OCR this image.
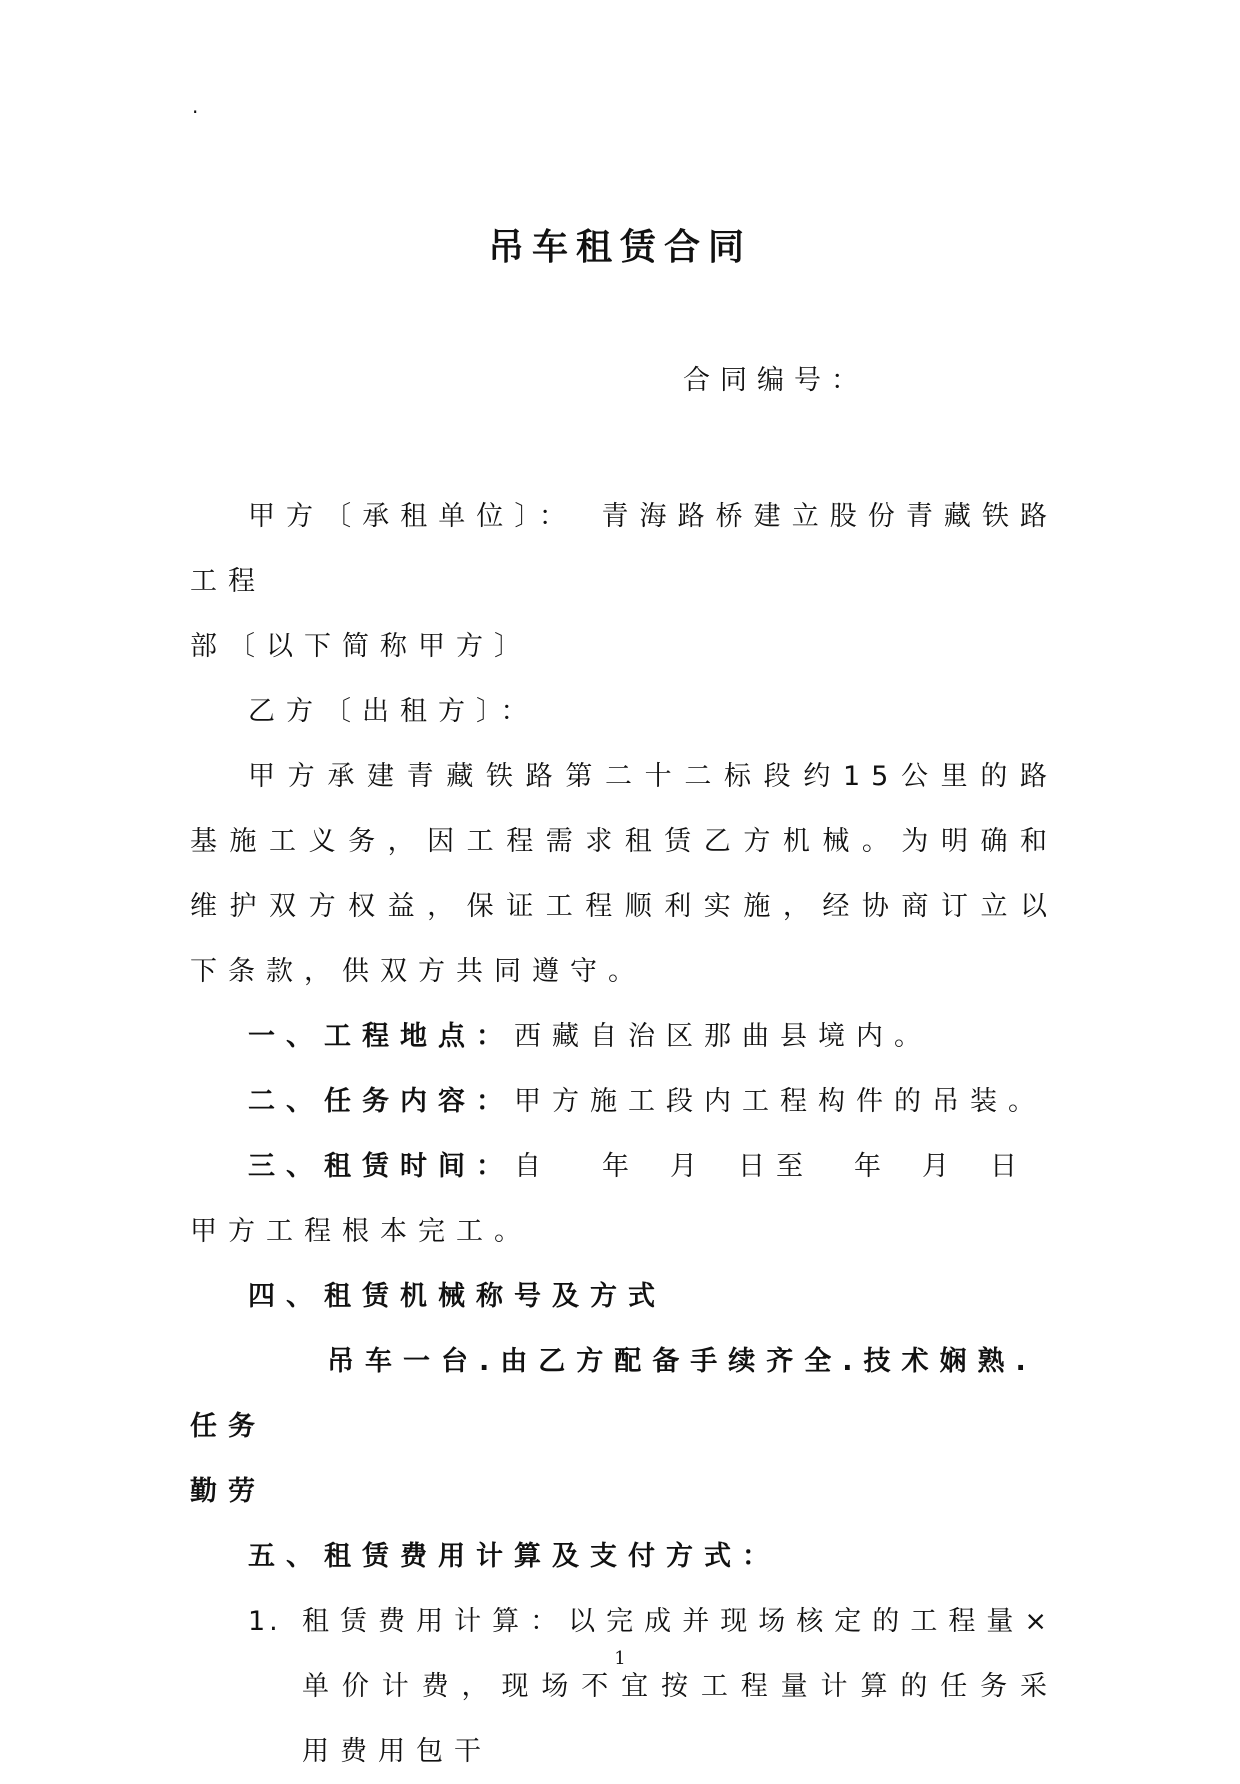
.
吊车租赁合同
合同编号：

甲方〔承租单位〕：　青海路桥建立股份青藏铁路工程

部〔以下简称甲方〕

乙方〔出租方〕：

甲方承建青藏铁路第二十二标段约15公里的路基施工义务，因工程需求租赁乙方机械。为明确和维护双方权益，保证工程顺利实施，经协商订立以下条款，供双方共同遵守。

一、工程地点：西藏自治区那曲县境内。

二、任务内容：甲方施工段内工程构件的吊装。

三、租赁时间：自 年 月 日至 年 月 日

甲方工程根本完工。

四、租赁机械称号及方式

吊车一台.由乙方配备手续齐全.技术娴熟.任务

勤劳

五、租赁费用计算及支付方式：

1. 租赁费用计算：以完成并现场核定的工程量×单价计费，现场不宜按工程量计算的任务采用费用包干

1
